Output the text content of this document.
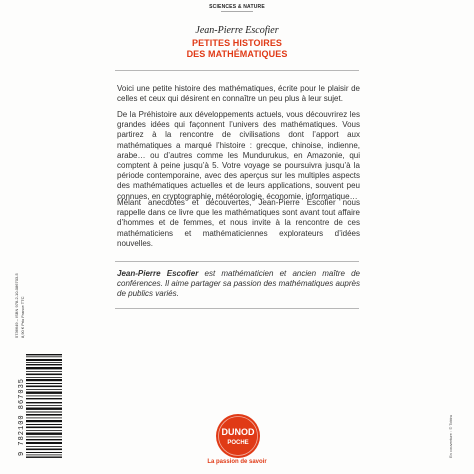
SCIENCES & NATURE
Jean-Pierre Escofier
PETITES HISTOIRES
DES MATHÉMATIQUES

Voici une petite histoire des mathématiques, écrite pour le plaisir de celles et ceux qui désirent en connaître un peu plus à leur sujet.

De la Préhistoire aux développements actuels, vous découvrirez les grandes idées qui façonnent l’univers des mathématiques. Vous partirez à la rencontre de civilisations dont l’apport aux mathématiques a marqué l’histoire : grecque, chinoise, indienne, arabe… ou d’autres comme les Mundurukus, en Amazonie, qui comptent à peine jusqu’à 5. Votre voyage se poursuivra jusqu’à la période contemporaine, avec des aperçus sur les multiples aspects des mathématiques actuelles et de leurs applications, souvent peu connues, en cryptographie, météorologie, économie, informatique…

Mêlant anecdotes et découvertes, Jean-Pierre Escofier nous rappelle dans ce livre que les mathématiques sont avant tout affaire d’hommes et de femmes, et nous invite à la rencontre de ces mathématiciens et mathématiciennes explorateurs d’idées nouvelles.

Jean-Pierre Escofier est mathématicien et ancien maître de conférences. Il aime partager sa passion des mathématiques auprès de publics variés.

5736649 – ISBN 978-2-10-086703-5 8,90 € Prix France TTC
9 782100 867035	DUNOD
POCHE
La passion de savoir
En couverture : © Toktru
